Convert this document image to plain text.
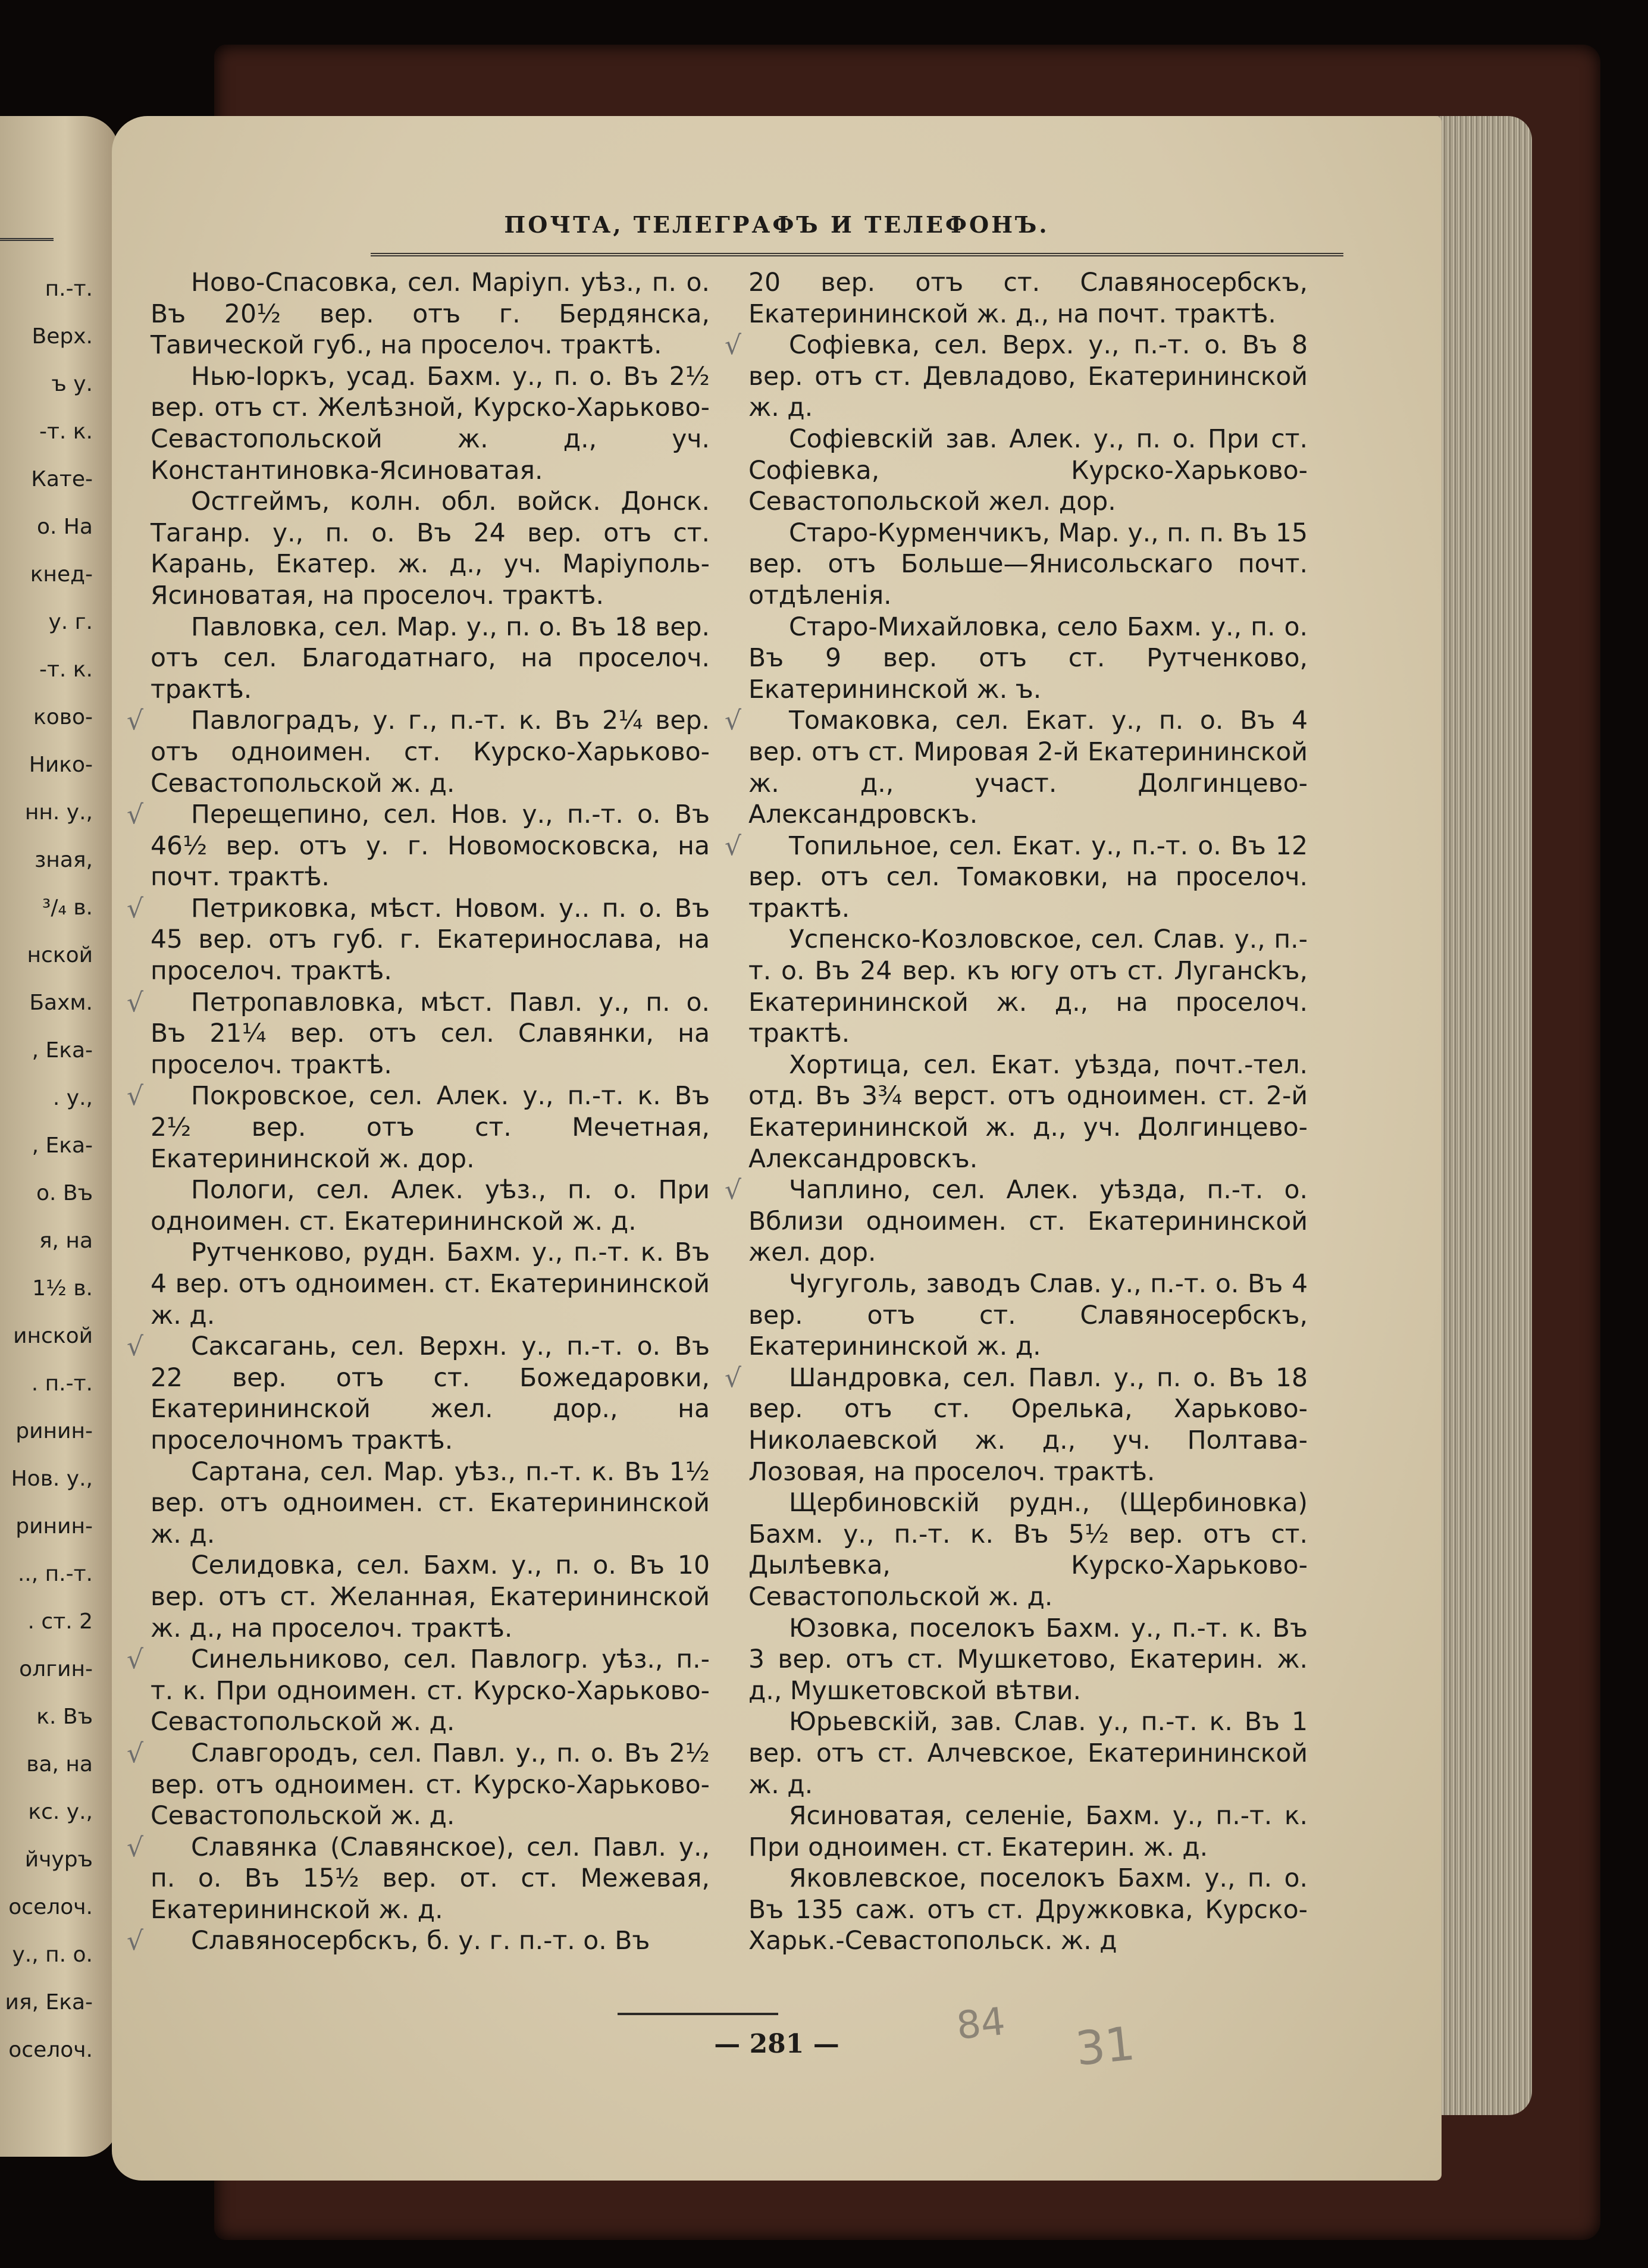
п.-т.
Верх.
ъ у.
-т. к.
Кате-
о. На
кнед-
у. г.
-т. к.
ково-
Нико-
нн. у.,
зная,
³/₄ в.
нской
Бахм.
, Ека-
. у.,
, Ека-
о. Въ
я, на
1½ в.
инской
. п.-т.
ринин-
Нов. у.,
ринин-
.., п.-т.
. ст. 2
олгин-
к. Въ
ва, на
кс. у.,
йчуръ
оселоч.
у., п. о.
ия, Ека-
оселоч.
ПОЧТА, ТЕЛЕГРАФЪ И ТЕЛЕФОНЪ.

Ново-Спасовка, сел. Маріуп. уѣз., п. о. Въ 20½ вер. отъ г. Бердянска, Тавической губ., на проселоч. трактѣ.

Нью-Іоркъ, усад. Бахм. у., п. о. Въ 2½ вер. отъ ст. Желѣзной, Курско-Харьково-Севастопольской ж. д., уч. Константиновка-Ясиноватая.

Остгеймъ, колн. обл. войск. Донск. Таганр. у., п. о. Въ 24 вер. отъ ст. Карань, Екатер. ж. д., уч. Маріуполь-Ясиноватая, на проселоч. трактѣ.

Павловка, сел. Мар. у., п. о. Въ 18 вер. отъ сел. Благодатнаго, на проселоч. трактѣ.

Павлоградъ, у. г., п.-т. к. Въ 2¼ вер. отъ одноимен. ст. Курско-Харьково-Севастопольской ж. д.

√

Перещепино, сел. Нов. у., п.-т. о. Въ 46½ вер. отъ у. г. Новомосковска, на почт. трактѣ.

√

Петриковка, мѣст. Новом. у.. п. о. Въ 45 вер. отъ губ. г. Екатеринослава, на проселоч. трактѣ.

√

Петропавловка, мѣст. Павл. у., п. о. Въ 21¼ вер. отъ сел. Славянки, на проселоч. трактѣ.

√

Покровское, сел. Алек. у., п.-т. к. Въ 2½ вер. отъ ст. Мечетная, Екатерининской ж. дор.

√

Пологи, сел. Алек. уѣз., п. о. При одноимен. ст. Екатерининской ж. д.

Рутченково, рудн. Бахм. у., п.-т. к. Въ 4 вер. отъ одноимен. ст. Екатерининской ж. д.

Саксагань, сел. Верхн. у., п.-т. о. Въ 22 вер. отъ ст. Божедаровки, Екатерининской жел. дор., на проселочномъ трактѣ.

√

Сартана, сел. Мар. уѣз., п.-т. к. Въ 1½ вер. отъ одноимен. ст. Екатерининской ж. д.

Селидовка, сел. Бахм. у., п. о. Въ 10 вер. отъ ст. Желанная, Екатерининской ж. д., на проселоч. трактѣ.

Синельниково, сел. Павлогр. уѣз., п.-т. к. При одноимен. ст. Курско-Харьково-Севастопольской ж. д.

√

Славгородъ, сел. Павл. у., п. о. Въ 2½ вер. отъ одноимен. ст. Курско-Харьково-Севастопольской ж. д.

√

Славянка (Славянское), сел. Павл. у., п. о. Въ 15½ вер. от. ст. Межевая, Екатерининской ж. д.

√

Славяносербскъ, б. у. г. п.-т. о. Въ

√

20 вер. отъ ст. Славяносербскъ, Екатерининской ж. д., на почт. трактѣ.

Софіевка, сел. Верх. у., п.-т. о. Въ 8 вер. отъ ст. Девладово, Екатерининской ж. д.

√

Софіевскій зав. Алек. у., п. о. При ст. Софіевка, Курско-Харьково-Севастопольской жел. дор.

Старо-Курменчикъ, Мар. у., п. п. Въ 15 вер. отъ Больше—Янисольскаго почт. отдѣленія.

Старо-Михайловка, село Бахм. у., п. о. Въ 9 вер. отъ ст. Рутченково, Екатерининской ж. ъ.

Томаковка, сел. Екат. у., п. о. Въ 4 вер. отъ ст. Мировая 2-й Екатерининской ж. д., участ. Долгинцево-Александровскъ.

√

Топильное, сел. Екат. у., п.-т. о. Въ 12 вер. отъ сел. Томаковки, на проселоч. трактѣ.

√

Успенско-Козловское, сел. Слав. у., п.-т. о. Въ 24 вер. къ югу отъ ст. Лугансkъ, Екатерининской ж. д., на проселоч. трактѣ.

Хортица, сел. Екат. уѣзда, почт.-тел. отд. Въ 3¾ верст. отъ одноимен. ст. 2-й Екатерининской ж. д., уч. Долгинцево-Александровскъ.

Чаплино, сел. Алек. уѣзда, п.-т. о. Вблизи одноимен. ст. Екатерининской жел. дор.

√

Чугуголь, заводъ Слав. у., п.-т. о. Въ 4 вер. отъ ст. Славяносербскъ, Екатерининской ж. д.

Шандровка, сел. Павл. у., п. о. Въ 18 вер. отъ ст. Орелька, Харьково-Николаевской ж. д., уч. Полтава-Лозовая, на проселоч. трактѣ.

√

Щербиновскій рудн., (Щербиновка) Бахм. у., п.-т. к. Въ 5½ вер. отъ ст. Дылѣевка, Курско-Харьково-Севастопольской ж. д.

Юзовка, поселокъ Бахм. у., п.-т. к. Въ 3 вер. отъ ст. Мушкетово, Екатерин. ж. д., Мушкетовской вѣтви.

Юрьевскій, зав. Слав. у., п.-т. к. Въ 1 вер. отъ ст. Алчевское, Екатерининской ж. д.

Ясиноватая, селеніе, Бахм. у., п.-т. к. При одноимен. ст. Екатерин. ж. д.

Яковлевское, поселокъ Бахм. у., п. о. Въ 135 саж. отъ ст. Дружковка, Курско-Харьк.-Севастопольск. ж. д

— 281 —	84 31
